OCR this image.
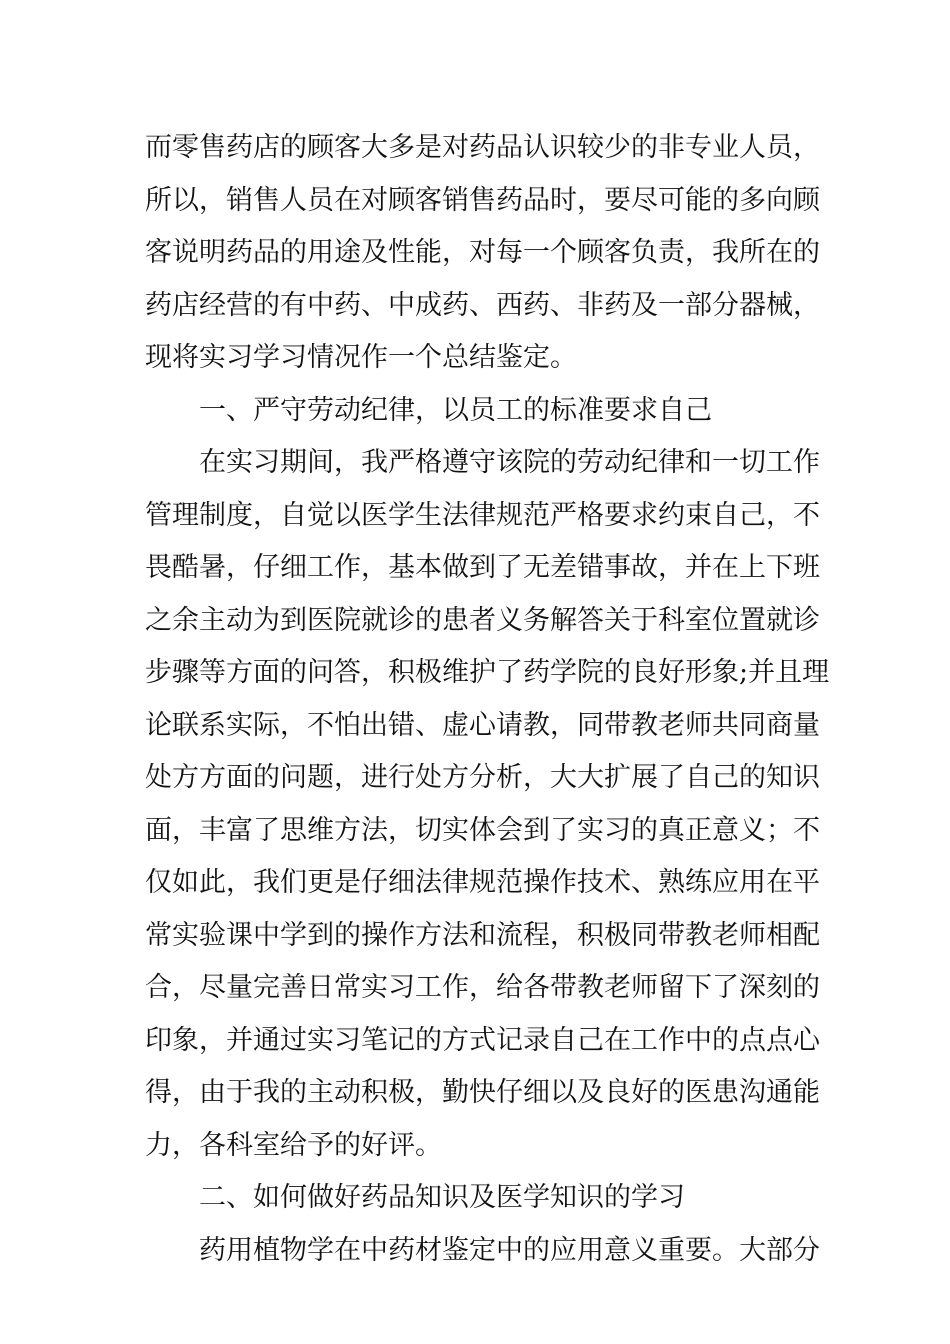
而零售药店的顾客大多是对药品认识较少的非专业人员，
所以，销售人员在对顾客销售药品时，要尽可能的多向顾
客说明药品的用途及性能，对每一个顾客负责，我所在的
药店经营的有中药、中成药、西药、非药及一部分器械，
现将实习学习情况作一个总结鉴定。
一、严守劳动纪律，以员工的标准要求自己
在实习期间，我严格遵守该院的劳动纪律和一切工作
管理制度，自觉以医学生法律规范严格要求约束自己，不
畏酷暑，仔细工作，基本做到了无差错事故，并在上下班
之余主动为到医院就诊的患者义务解答关于科室位置就诊
步骤等方面的问答，积极维护了药学院的良好形象;并且理
论联系实际，不怕出错、虚心请教，同带教老师共同商量
处方方面的问题，进行处方分析，大大扩展了自己的知识
面，丰富了思维方法，切实体会到了实习的真正意义；不
仅如此，我们更是仔细法律规范操作技术、熟练应用在平
常实验课中学到的操作方法和流程，积极同带教老师相配
合，尽量完善日常实习工作，给各带教老师留下了深刻的
印象，并通过实习笔记的方式记录自己在工作中的点点心
得，由于我的主动积极，勤快仔细以及良好的医患沟通能
力，各科室给予的好评。
二、如何做好药品知识及医学知识的学习
药用植物学在中药材鉴定中的应用意义重要。大部分
